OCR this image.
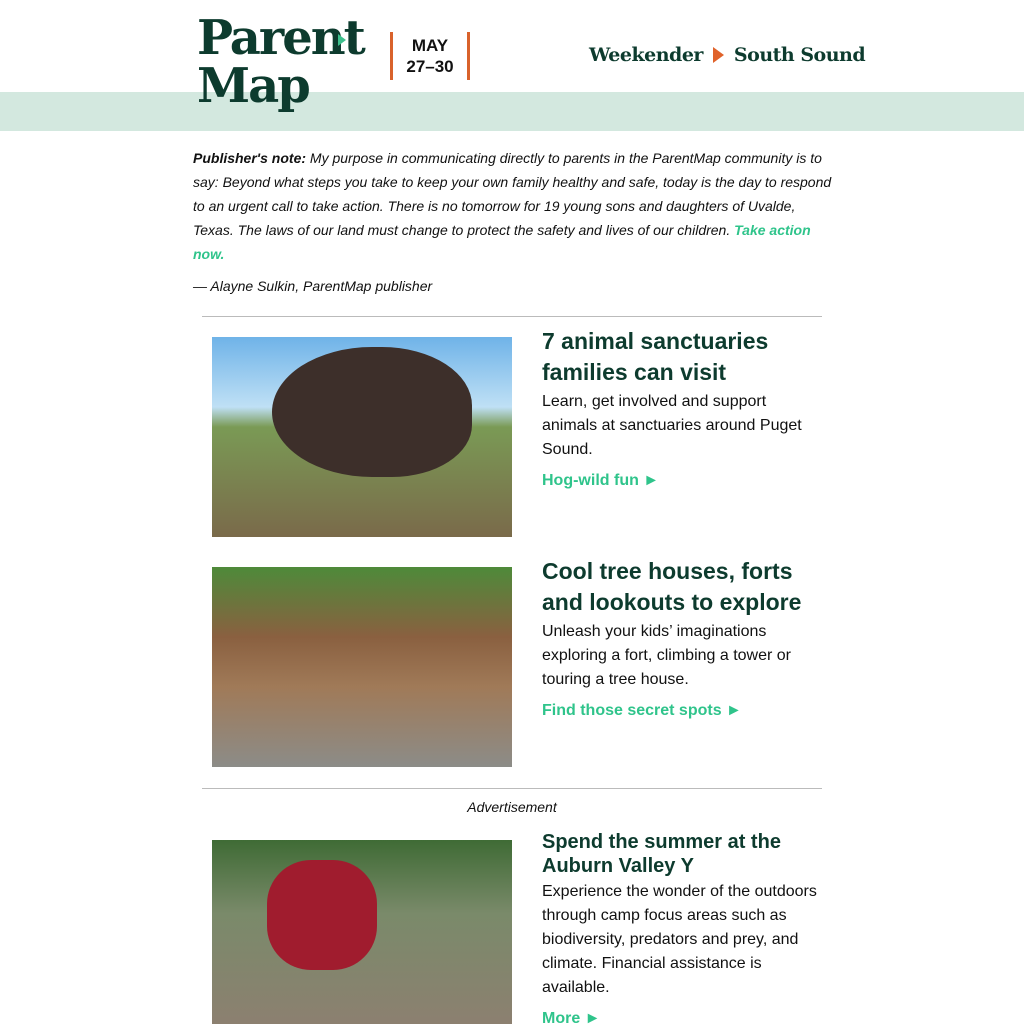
Parent
Map
MAY
27–30
Weekender South Sound

Publisher's note: My purpose in communicating directly to parents in the ParentMap community is to say: Beyond what steps you take to keep your own family healthy and safe, today is the day to respond to an urgent call to take action. There is no tomorrow for 19 young sons and daughters of Uvalde, Texas. The laws of our land must change to protect the safety and lives of our children. Take action now.

— Alayne Sulkin, ParentMap publisher
7 animal sanctuaries families can visit

Learn, get involved and support animals at sanctuaries around Puget Sound.

Hog-wild fun ►
Cool tree houses, forts and lookouts to explore

Unleash your kids’ imaginations exploring a fort, climbing a tower or touring a tree house.

Find those secret spots ►
Advertisement
Spend the summer at the Auburn Valley Y

Experience the wonder of the outdoors through camp focus areas such as biodiversity, predators and prey, and climate. Financial assistance is available.

More ►
